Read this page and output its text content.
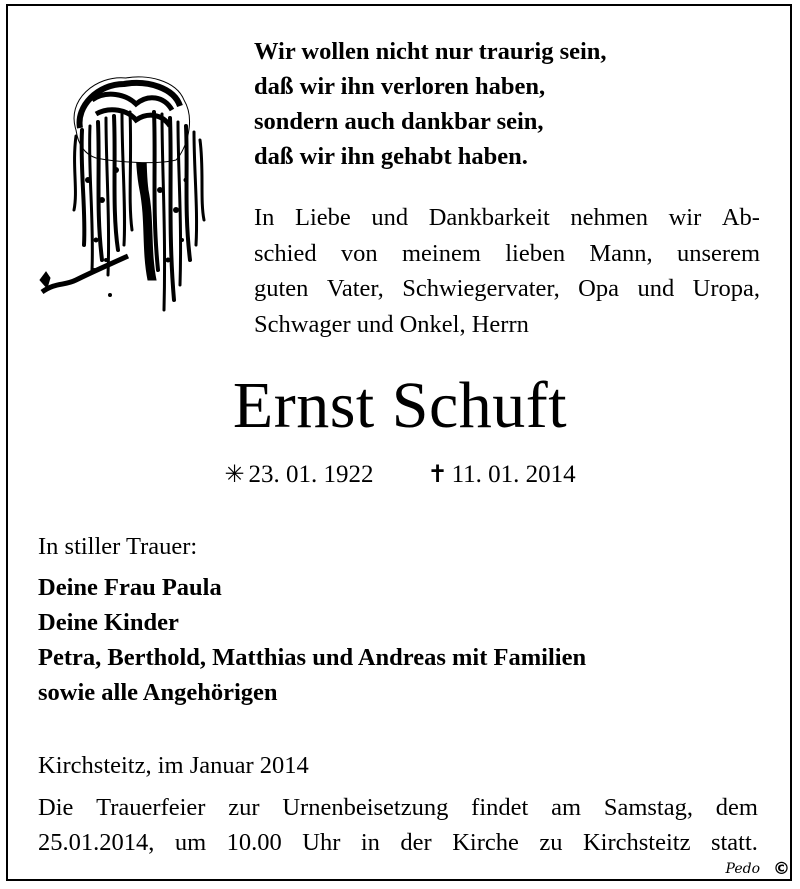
Wir wollen nicht nur traurig sein,
daß wir ihn verloren haben,
sondern auch dankbar sein,
daß wir ihn gehabt haben.
In Liebe und Dankbarkeit nehmen wir Ab-
schied von meinem lieben Mann, unserem
guten Vater, Schwiegervater, Opa und Uropa,
Schwager und Onkel, Herrn
Ernst Schuft
✳ 23. 01. 1922 ✝ 11. 01. 2014
In stiller Trauer:
Deine Frau Paula
Deine Kinder
Petra, Berthold, Matthias und Andreas mit Familien
sowie alle Angehörigen
Kirchsteitz, im Januar 2014
Die Trauerfeier zur Urnenbeisetzung findet am Samstag, dem
25.01.2014, um 10.00 Uhr in der Kirche zu Kirchsteitz statt.
Pedo ©
